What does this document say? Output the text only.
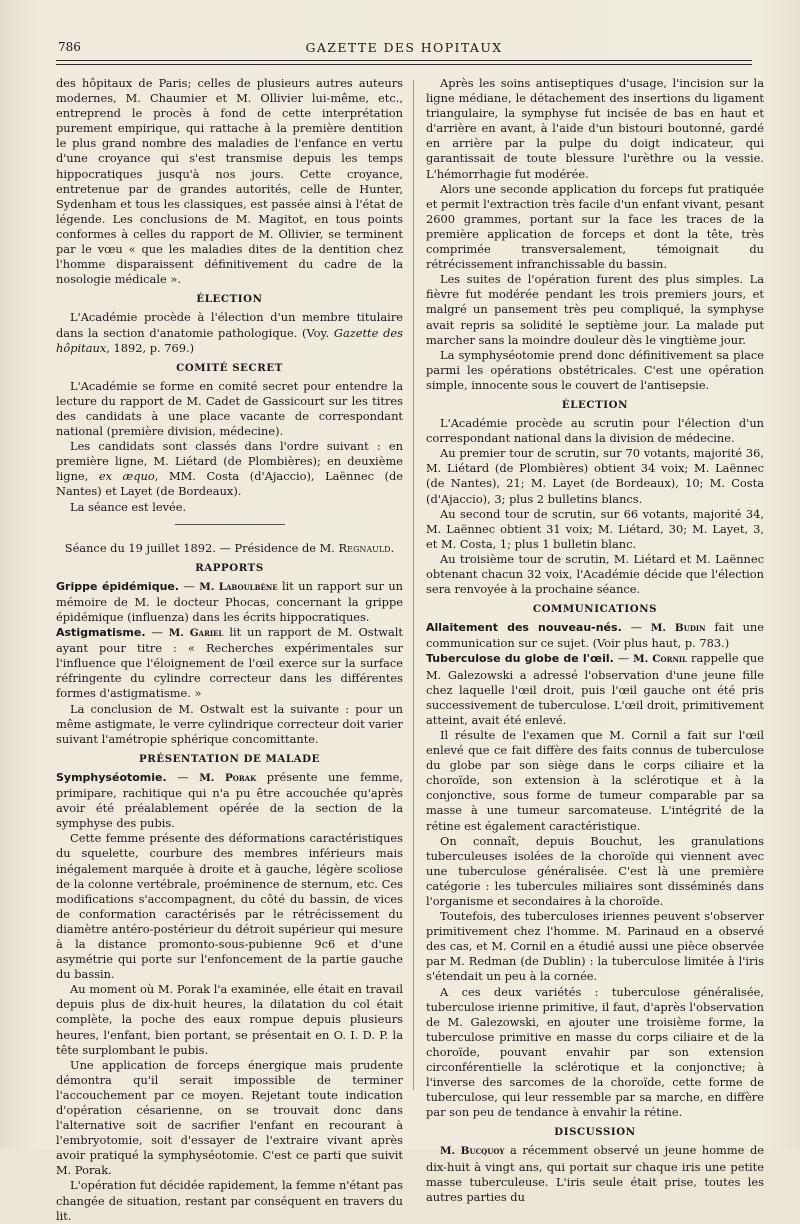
786	GAZETTE DES HOPITAUX

des hôpitaux de Paris; celles de plusieurs autres auteurs modernes, M. Chaumier et M. Ollivier lui-même, etc., entreprend le procès à fond de cette interprétation purement empirique, qui rattache à la première dentition le plus grand nombre des maladies de l'enfance en vertu d'une croyance qui s'est transmise depuis les temps hippocratiques jusqu'à nos jours. Cette croyance, entretenue par de grandes autorités, celle de Hunter, Sydenham et tous les classiques, est passée ainsi à l'état de légende. Les conclusions de M. Magitot, en tous points conformes à celles du rapport de M. Ollivier, se terminent par le vœu « que les maladies dites de la dentition chez l'homme disparaissent définitivement du cadre de la nosologie médicale ».

ÉLECTION

L'Académie procède à l'élection d'un membre titulaire dans la section d'anatomie pathologique. (Voy. Gazette des hôpitaux, 1892, p. 769.)

COMITÉ SECRET

L'Académie se forme en comité secret pour entendre la lecture du rapport de M. Cadet de Gassicourt sur les titres des candidats à une place vacante de correspondant national (première division, médecine).

Les candidats sont classés dans l'ordre suivant : en première ligne, M. Liétard (de Plombières); en deuxième ligne, ex æquo, MM. Costa (d'Ajaccio), Laënnec (de Nantes) et Layet (de Bordeaux).

La séance est levée.

Séance du 19 juillet 1892. — Présidence de M. Regnauld.
RAPPORTS

Grippe épidémique. — M. Laboulbène lit un rapport sur un mémoire de M. le docteur Phocas, concernant la grippe épidémique (influenza) dans les écrits hippocratiques.

Astigmatisme. — M. Gariel lit un rapport de M. Ostwalt ayant pour titre : « Recherches expérimentales sur l'influence que l'éloignement de l'œil exerce sur la surface réfringente du cylindre correcteur dans les différentes formes d'astigmatisme. »

La conclusion de M. Ostwalt est la suivante : pour un même astigmate, le verre cylindrique correcteur doit varier suivant l'amétropie sphérique concomittante.

PRÉSENTATION DE MALADE

Symphyséotomie. — M. Porak présente une femme, primipare, rachitique qui n'a pu être accouchée qu'après avoir été préalablement opérée de la section de la symphyse des pubis.

Cette femme présente des déformations caractéristiques du squelette, courbure des membres inférieurs mais inégalement marquée à droite et à gauche, légère scoliose de la colonne vertébrale, proéminence de sternum, etc. Ces modifications s'accompagnent, du côté du bassin, de vices de conformation caractérisés par le rétrécissement du diamètre antéro-postérieur du détroit supérieur qui mesure à la distance promonto-sous-pubienne 9c6 et d'une asymétrie qui porte sur l'enfoncement de la partie gauche du bassin.

Au moment où M. Porak l'a examinée, elle était en travail depuis plus de dix-huit heures, la dilatation du col était complète, la poche des eaux rompue depuis plusieurs heures, l'enfant, bien portant, se présentait en O. I. D. P. la tête surplombant le pubis.

Une application de forceps énergique mais prudente démontra qu'il serait impossible de terminer l'accouchement par ce moyen. Rejetant toute indication d'opération césarienne, on se trouvait donc dans l'alternative soit de sacrifier l'enfant en recourant à l'embryotomie, soit d'essayer de l'extraire vivant après avoir pratiqué la symphyséotomie. C'est ce parti que suivit M. Porak.

L'opération fut décidée rapidement, la femme n'étant pas changée de situation, restant par conséquent en travers du lit.

Après les soins antiseptiques d'usage, l'incision sur la ligne médiane, le détachement des insertions du ligament triangulaire, la symphyse fut incisée de bas en haut et d'arrière en avant, à l'aide d'un bistouri boutonné, gardé en arrière par la pulpe du doigt indicateur, qui garantissait de toute blessure l'urèthre ou la vessie. L'hémorrhagie fut modérée.

Alors une seconde application du forceps fut pratiquée et permit l'extraction très facile d'un enfant vivant, pesant 2600 grammes, portant sur la face les traces de la première application de forceps et dont la tête, très comprimée transversalement, témoignait du rétrécissement infranchissable du bassin.

Les suites de l'opération furent des plus simples. La fièvre fut modérée pendant les trois premiers jours, et malgré un pansement très peu compliqué, la symphyse avait repris sa solidité le septième jour. La malade put marcher sans la moindre douleur dès le vingtième jour.

La symphyséotomie prend donc définitivement sa place parmi les opérations obstétricales. C'est une opération simple, innocente sous le couvert de l'antisepsie.

ÉLECTION

L'Académie procède au scrutin pour l'élection d'un correspondant national dans la division de médecine.

Au premier tour de scrutin, sur 70 votants, majorité 36, M. Liétard (de Plombières) obtient 34 voix; M. Laënnec (de Nantes), 21; M. Layet (de Bordeaux), 10; M. Costa (d'Ajaccio), 3; plus 2 bulletins blancs.

Au second tour de scrutin, sur 66 votants, majorité 34, M. Laënnec obtient 31 voix; M. Liétard, 30; M. Layet, 3, et M. Costa, 1; plus 1 bulletin blanc.

Au troisième tour de scrutin, M. Liétard et M. Laënnec obtenant chacun 32 voix, l'Académie décide que l'élection sera renvoyée à la prochaine séance.

COMMUNICATIONS

Allaitement des nouveau-nés. — M. Budin fait une communication sur ce sujet. (Voir plus haut, p. 783.)

Tuberculose du globe de l'œil. — M. Cornil rappelle que M. Galezowski a adressé l'observation d'une jeune fille chez laquelle l'œil droit, puis l'œil gauche ont été pris successivement de tuberculose. L'œil droit, primitivement atteint, avait été enlevé.

Il résulte de l'examen que M. Cornil a fait sur l'œil enlevé que ce fait diffère des faits connus de tuberculose du globe par son siège dans le corps ciliaire et la choroïde, son extension à la sclérotique et à la conjonctive, sous forme de tumeur comparable par sa masse à une tumeur sarcomateuse. L'intégrité de la rétine est également caractéristique.

On connaît, depuis Bouchut, les granulations tuberculeuses isolées de la choroïde qui viennent avec une tuberculose généralisée. C'est là une première catégorie : les tubercules miliaires sont disséminés dans l'organisme et secondaires à la choroïde.

Toutefois, des tuberculoses iriennes peuvent s'observer primitivement chez l'homme. M. Parinaud en a observé des cas, et M. Cornil en a étudié aussi une pièce observée par M. Redman (de Dublin) : la tuberculose limitée à l'iris s'étendait un peu à la cornée.

A ces deux variétés : tuberculose généralisée, tuberculose irienne primitive, il faut, d'après l'observation de M. Galezowski, en ajouter une troisième forme, la tuberculose primitive en masse du corps ciliaire et de la choroïde, pouvant envahir par son extension circonférentielle la sclérotique et la conjonctive; à l'inverse des sarcomes de la choroïde, cette forme de tuberculose, qui leur ressemble par sa marche, en diffère par son peu de tendance à envahir la rétine.

DISCUSSION

M. Bucquoy a récemment observé un jeune homme de dix-huit à vingt ans, qui portait sur chaque iris une petite masse tuberculeuse. L'iris seule était prise, toutes les autres parties du
